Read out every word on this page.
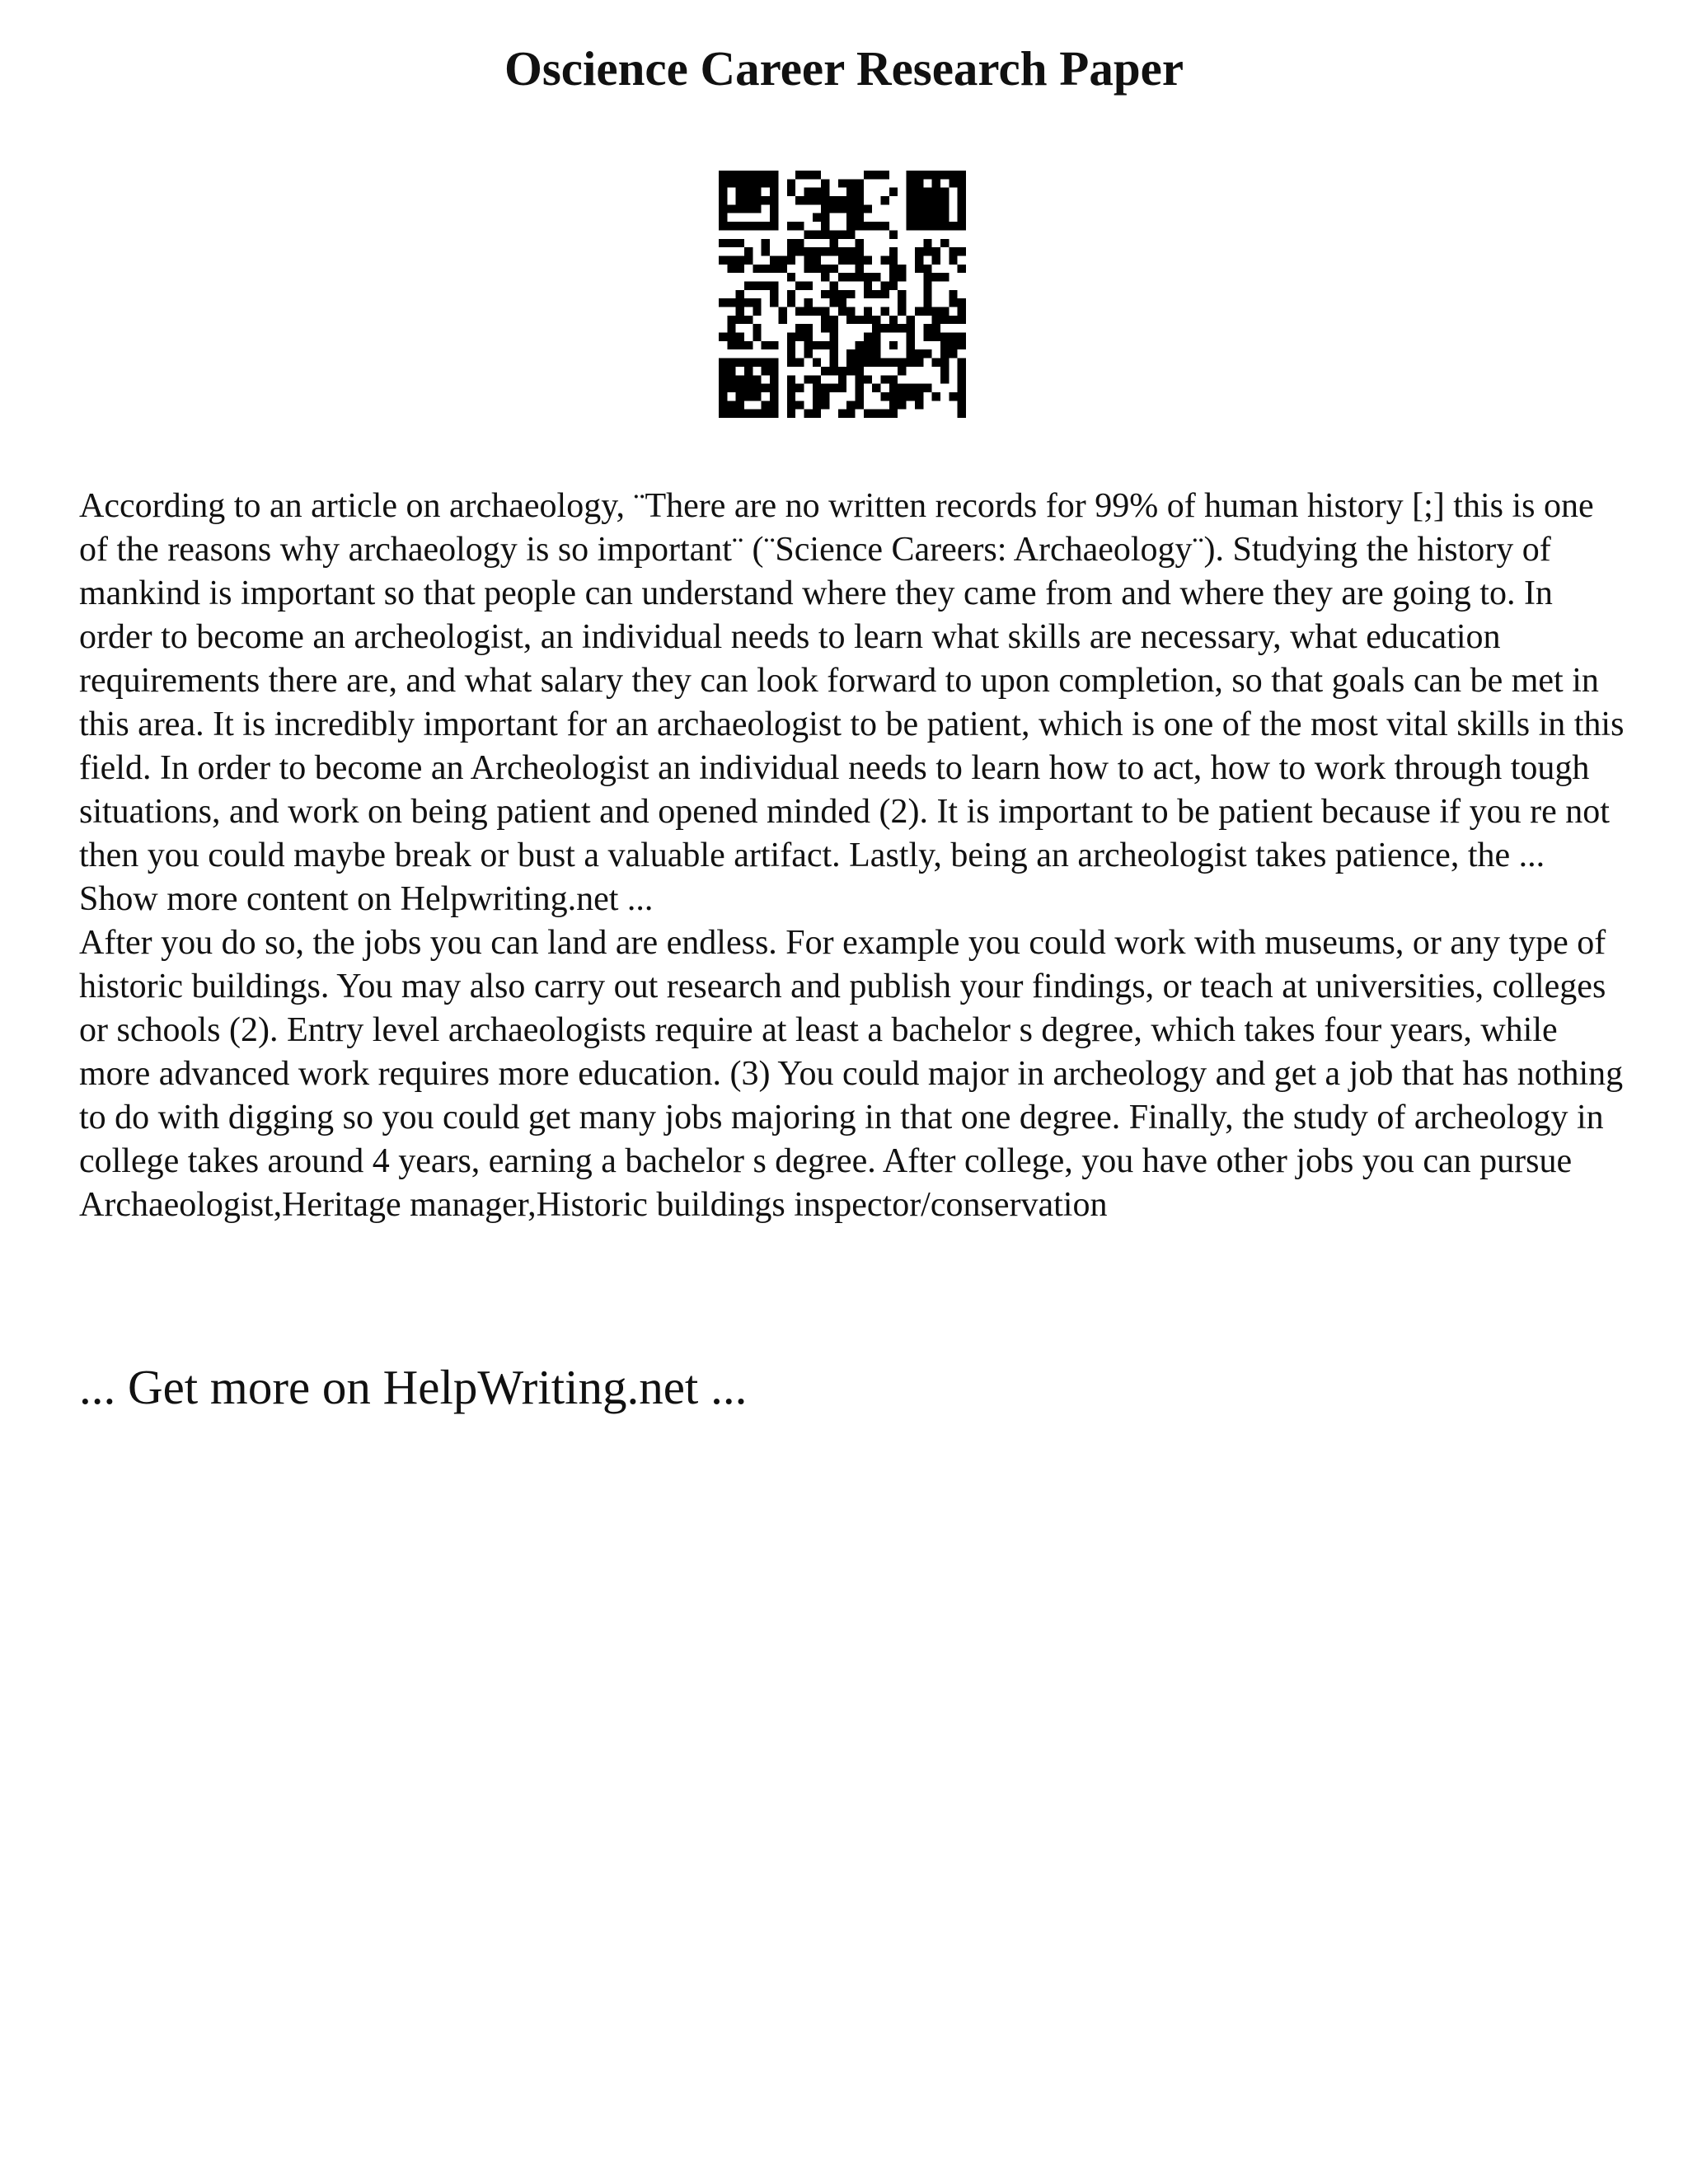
Oscience Career Research Paper

According to an article on archaeology, ¨There are no written records for 99% of human history [;] this is one of the reasons why archaeology is so important¨ (¨Science Careers: Archaeology¨). Studying the history of mankind is important so that people can understand where they came from and where they are going to. In order to become an archeologist, an individual needs to learn what skills are necessary, what education requirements there are, and what salary they can look forward to upon completion, so that goals can be met in this area. It is incredibly important for an archaeologist to be patient, which is one of the most vital skills in this field. In order to become an Archeologist an individual needs to learn how to act, how to work through tough situations, and work on being patient and opened minded (2). It is important to be patient because if you re not then you could maybe break or bust a valuable artifact. Lastly, being an archeologist takes patience, the ... Show more content on Helpwriting.net ...

After you do so, the jobs you can land are endless. For example you could work with museums, or any type of historic buildings. You may also carry out research and publish your findings, or teach at universities, colleges or schools (2). Entry level archaeologists require at least a bachelor s degree, which takes four years, while more advanced work requires more education. (3) You could major in archeology and get a job that has nothing to do with digging so you could get many jobs majoring in that one degree. Finally, the study of archeology in college takes around 4 years, earning a bachelor s degree. After college, you have other jobs you can pursue Archaeologist,Heritage manager,Historic buildings inspector/conservation

... Get more on HelpWriting.net ...
